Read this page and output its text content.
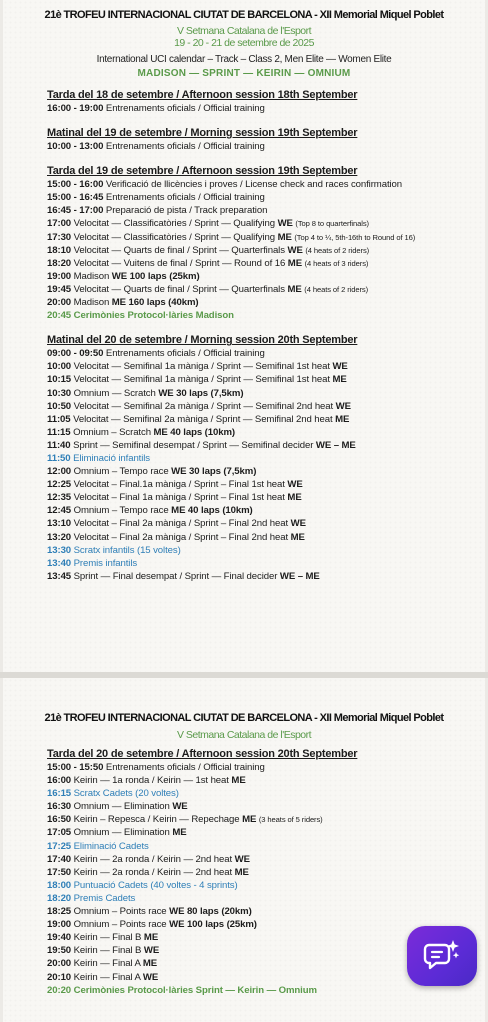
21è TROFEU INTERNACIONAL CIUTAT DE BARCELONA - XII Memorial Miquel Poblet
V Setmana Catalana de l'Esport
19 - 20 - 21 de setembre de 2025
International UCI calendar – Track – Class 2, Men Elite — Women Elite
MADISON — SPRINT — KEIRIN — OMNIUM
Tarda del 18 de setembre / Afternoon session 18th September
16:00 - 19:00 Entrenaments oficials / Official training
Matinal del 19 de setembre / Morning session 19th September
10:00 - 13:00 Entrenaments oficials / Official training
Tarda del 19 de setembre / Afternoon session 19th September
15:00 - 16:00 Verificació de llicències i proves / License check and races confirmation
15:00 - 16:45 Entrenaments oficials / Official training
16:45 - 17:00 Preparació de pista / Track preparation
17:00 Velocitat — Classificatòries / Sprint — Qualifying WE (Top 8 to quarterfinals)
17:30 Velocitat — Classificatòries / Sprint — Qualifying ME (Top 4 to ¼, 5th-16th to Round of 16)
18:10 Velocitat — Quarts de final / Sprint — Quarterfinals WE (4 heats of 2 riders)
18:20 Velocitat — Vuitens de final / Sprint — Round of 16 ME (4 heats of 3 riders)
19:00 Madison WE 100 laps (25km)
19:45 Velocitat — Quarts de final / Sprint — Quarterfinals ME (4 heats of 2 riders)
20:00 Madison ME 160 laps (40km)
20:45 Cerimònies Protocol·làries Madison
Matinal del 20 de setembre / Morning session 20th September
09:00 - 09:50 Entrenaments oficials / Official training
10:00 Velocitat — Semifinal 1a màniga / Sprint — Semifinal 1st heat WE
10:15 Velocitat — Semifinal 1a màniga / Sprint — Semifinal 1st heat ME
10:30 Omnium — Scratch WE 30 laps (7,5km)
10:50 Velocitat — Semifinal 2a màniga / Sprint — Semifinal 2nd heat WE
11:05 Velocitat — Semifinal 2a màniga / Sprint — Semifinal 2nd heat ME
11:15 Omnium – Scratch ME 40 laps (10km)
11:40 Sprint — Semifinal desempat / Sprint — Semifinal decider WE – ME
11:50 Eliminació infantils
12:00 Omnium – Tempo race WE 30 laps (7,5km)
12:25 Velocitat – Final.1a màniga / Sprint – Final 1st heat WE
12:35 Velocitat – Final 1a màniga / Sprint – Final 1st heat ME
12:45 Omnium – Tempo race ME 40 laps (10km)
13:10 Velocitat – Final 2a màniga / Sprint – Final 2nd heat WE
13:20 Velocitat – Final 2a màniga / Sprint – Final 2nd heat ME
13:30 Scratx infantils (15 voltes)
13:40 Premis infantils
13:45 Sprint — Final desempat / Sprint — Final decider WE – ME
21è TROFEU INTERNACIONAL CIUTAT DE BARCELONA - XII Memorial Miquel Poblet
V Setmana Catalana de l'Esport
Tarda del 20 de setembre / Afternoon session 20th September
15:00 - 15:50 Entrenaments oficials / Official training
16:00 Keirin — 1a ronda / Keirin — 1st heat ME
16:15 Scratx Cadets (20 voltes)
16:30 Omnium — Elimination WE
16:50 Keirin – Repesca / Keirin — Repechage ME (3 heats of 5 riders)
17:05 Omnium — Elimination ME
17:25 Eliminació Cadets
17:40 Keirin — 2a ronda / Keirin — 2nd heat WE
17:50 Keirin — 2a ronda / Keirin — 2nd heat ME
18:00 Puntuació Cadets (40 voltes - 4 sprints)
18:20 Premis Cadets
18:25 Omnium – Points race WE 80 laps (20km)
19:00 Omnium – Points race WE 100 laps (25km)
19:40 Keirin — Final B ME
19:50 Keirin — Final B WE
20:00 Keirin — Final A ME
20:10 Keirin — Final A WE
20:20 Cerimònies Protocol·làries Sprint — Keirin — Omnium
